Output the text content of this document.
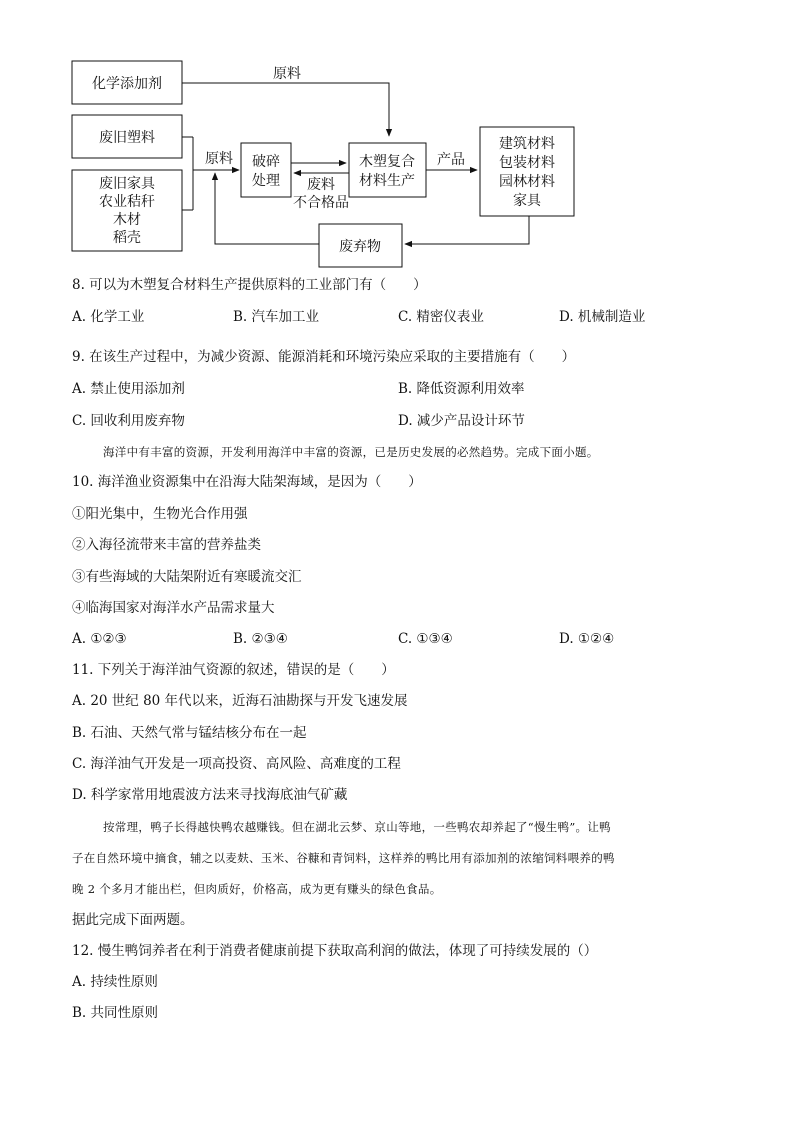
化学添加剂
废旧塑料
废旧家具
农业秸秆
木材
稻壳
破碎
处理
木塑复合
材料生产
建筑材料
包装材料
园林材料
家具
废弃物
原料
原料
废料
不合格品
产品
8. 可以为木塑复合材料生产提供原料的工业部门有（　　）
A. 化学工业	B. 汽车加工业	C. 精密仪表业	D. 机械制造业
9. 在该生产过程中，为减少资源、能源消耗和环境污染应采取的主要措施有（　　）
A. 禁止使用添加剂	B. 降低资源利用效率
C. 回收利用废弃物	D. 减少产品设计环节
海洋中有丰富的资源，开发利用海洋中丰富的资源，已是历史发展的必然趋势。完成下面小题。
10. 海洋渔业资源集中在沿海大陆架海域，是因为（　　）
①阳光集中，生物光合作用强
②入海径流带来丰富的营养盐类
③有些海域的大陆架附近有寒暖流交汇
④临海国家对海洋水产品需求量大
A. ①②③	B. ②③④	C. ①③④	D. ①②④
11. 下列关于海洋油气资源的叙述，错误的是（　　）
A. 20 世纪 80 年代以来，近海石油勘探与开发飞速发展
B. 石油、天然气常与锰结核分布在一起
C. 海洋油气开发是一项高投资、高风险、高难度的工程
D. 科学家常用地震波方法来寻找海底油气矿藏
按常理，鸭子长得越快鸭农越赚钱。但在湖北云梦、京山等地，一些鸭农却养起了“慢生鸭”。让鸭
子在自然环境中摘食，辅之以麦麸、玉米、谷糠和青饲料，这样养的鸭比用有添加剂的浓缩饲料喂养的鸭
晚 2 个多月才能出栏，但肉质好，价格高，成为更有赚头的绿色食品。
据此完成下面两题。
12. 慢生鸭饲养者在利于消费者健康前提下获取高利润的做法，体现了可持续发展的（）
A. 持续性原则
B. 共同性原则
